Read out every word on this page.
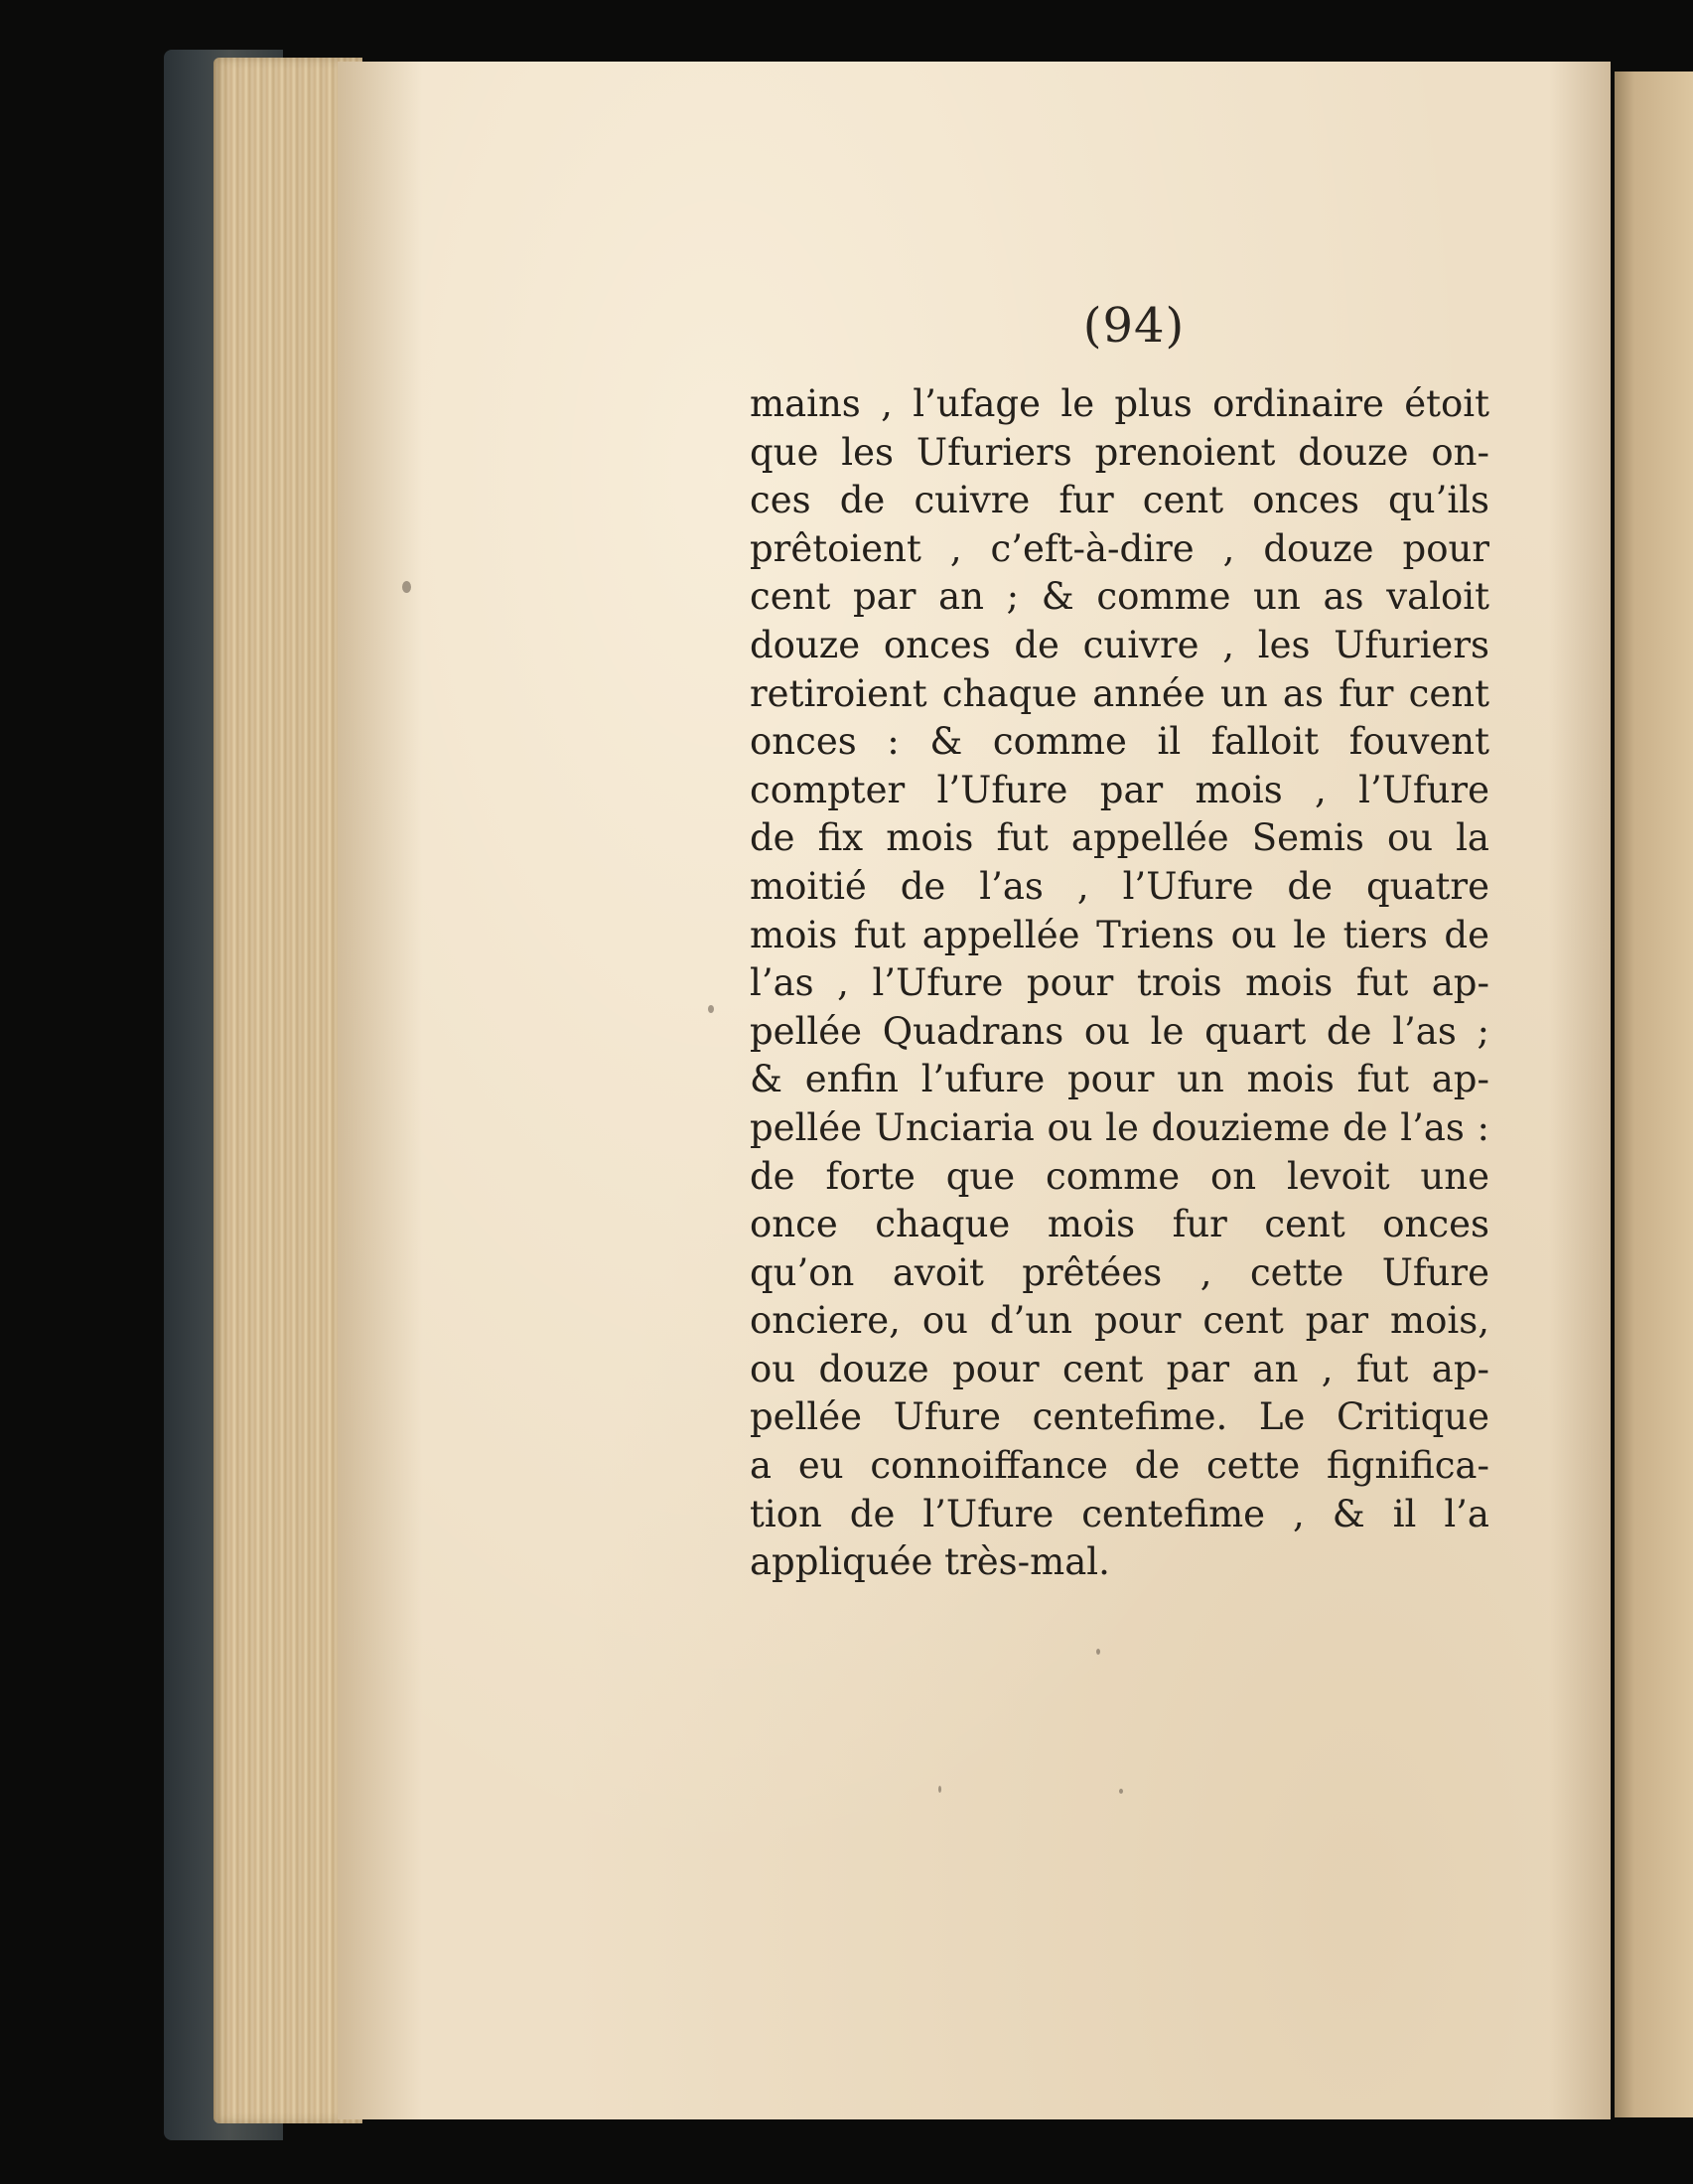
(94)
mains , l’ufage le plus ordinaire étoit
que les Ufuriers prenoient douze on-
ces de cuivre fur cent onces qu’ils
prêtoient , c’eft-à-dire , douze pour
cent par an ; & comme un as valoit
douze onces de cuivre , les Ufuriers
retiroient chaque année un as fur cent
onces : & comme il falloit fouvent
compter l’Ufure par mois , l’Ufure
de fix mois fut appellée Semis ou la
moitié de l’as , l’Ufure de quatre
mois fut appellée Triens ou le tiers de
l’as , l’Ufure pour trois mois fut ap-
pellée Quadrans ou le quart de l’as ;
& enfin l’ufure pour un mois fut ap-
pellée Unciaria ou le douzieme de l’as :
de forte que comme on levoit une
once chaque mois fur cent onces
qu’on avoit prêtées , cette Ufure
onciere, ou d’un pour cent par mois,
ou douze pour cent par an , fut ap-
pellée Ufure centefime. Le Critique
a eu connoiffance de cette fignifica-
tion de l’Ufure centefime , & il l’a
appliquée très-mal.
